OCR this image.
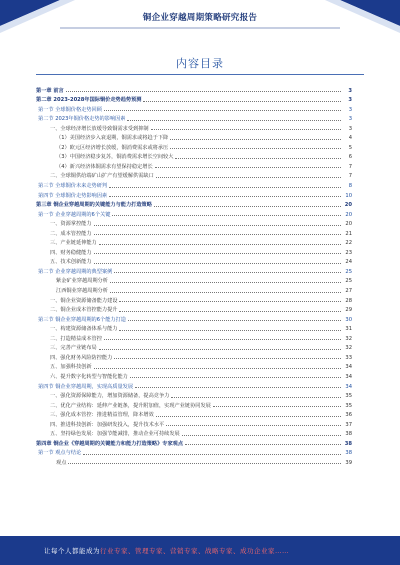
铜企业穿越周期策略研究报告
内容目录
第一章 前言	3
第二章 2023-2028年国际铜价走势趋势预测	3
第一节 全球铜价格走势回顾	3
第二节 2023年铜价格走势的影响因素	3
一、全球经济增长放缓导致铜需求受到抑制	3
（1）美国经济步入衰退期，铜需求或将趋于下降	4
（2）欧元区经济增长放缓，铜消费需求或将承压	5
（3）中国经济稳步复苏，铜消费需求增长空间较大	6
（4）新兴经济体铜需求有望保持稳定增长	7
二、全球铜供给端矿山扩产有望缓解供需缺口	7
第三节 全球铜价未来走势研判	8
第四节 全球铜价走势影响因素	10
第三章 铜企业穿越周期的关键能力与能力打造策略	20
第一节 企业穿越周期的6个关键	20
一、资源掌控能力	20
二、成本管控能力	21
三、产业链延伸能力	22
四、财务稳健能力	23
五、技术创新能力	24
第二节 企业穿越周期的典型案例	25
紫金矿业穿越周期分析	25
江西铜业穿越周期分析	27
一、铜企业资源储备能力建设	28
二、铜企业成本管控能力提升	29
第三节 铜企业穿越周期的6个能力打造	30
一、构建资源储备体系与能力	31
二、打造精益成本管控	32
三、完善产业链布局	32
四、强化财务风险防控能力	33
五、加强科技创新	34
六、提升数字化转型与智能化能力	34
第四节 铜企业穿越周期，实现高质量发展	34
一、强化资源保障能力，增加资源储备，提高竞争力	35
二、优化产业结构：延伸产业链条，提升附加值，实现产业链协同发展	35
三、强化成本管控：推进精益管理，降本增效	36
四、推进科技创新：加强研发投入，提升技术水平	37
五、坚持绿色发展：加强节能减排，推动企业可持续发展	38
第四章 铜企业《穿越周期的关键能力和能力打造策略》专家观点	38
第一节 观点与结论	38
观点	39
让每个人都能成为行业专家、管理专家、营销专家、战略专家、成功企业家……
